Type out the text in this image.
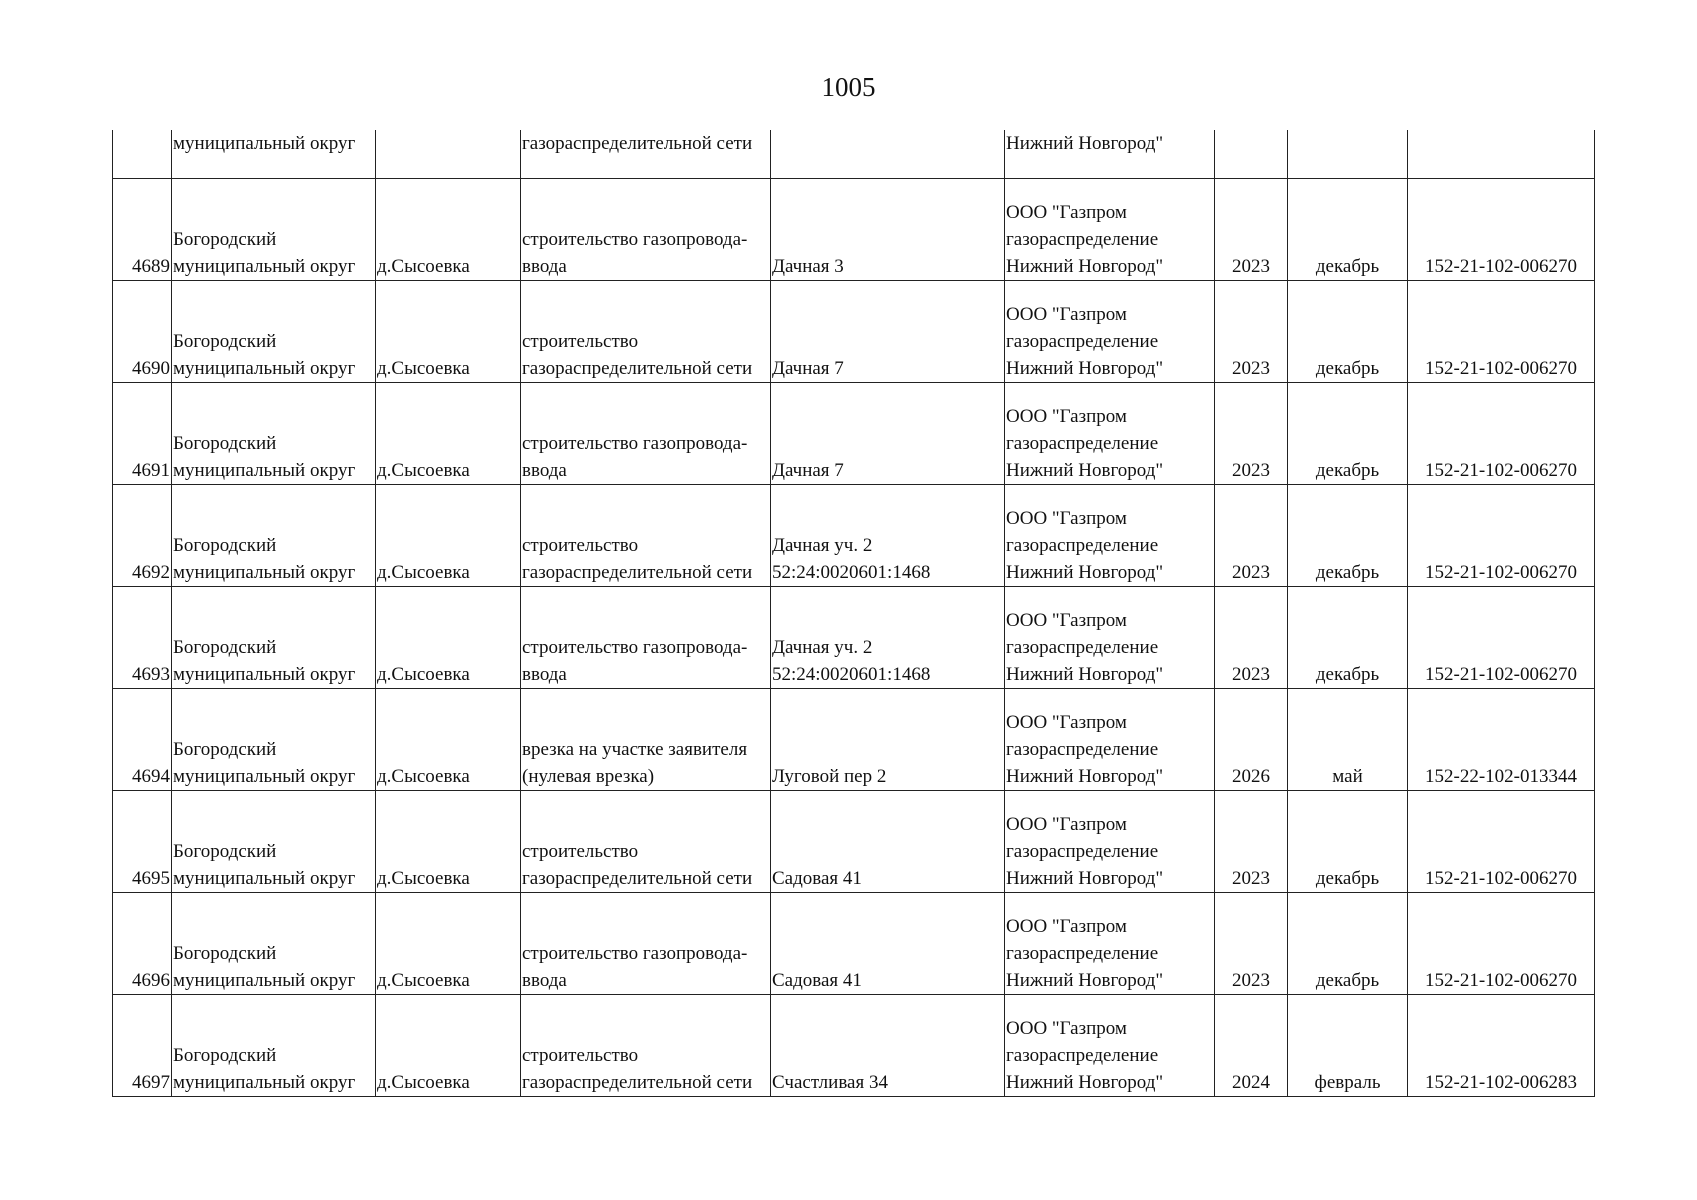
1005
	муниципальный округ		газораспределительной сети		Нижний Новгород"			
4689	Богородский
муниципальный округ	д.Сысоевка	строительство газопровода-
ввода	Дачная 3	ООО "Газпром
газораспределение
Нижний Новгород"	2023	декабрь	152-21-102-006270
4690	Богородский
муниципальный округ	д.Сысоевка	строительство
газораспределительной сети	Дачная 7	ООО "Газпром
газораспределение
Нижний Новгород"	2023	декабрь	152-21-102-006270
4691	Богородский
муниципальный округ	д.Сысоевка	строительство газопровода-
ввода	Дачная 7	ООО "Газпром
газораспределение
Нижний Новгород"	2023	декабрь	152-21-102-006270
4692	Богородский
муниципальный округ	д.Сысоевка	строительство
газораспределительной сети	Дачная уч. 2
52:24:0020601:1468	ООО "Газпром
газораспределение
Нижний Новгород"	2023	декабрь	152-21-102-006270
4693	Богородский
муниципальный округ	д.Сысоевка	строительство газопровода-
ввода	Дачная уч. 2
52:24:0020601:1468	ООО "Газпром
газораспределение
Нижний Новгород"	2023	декабрь	152-21-102-006270
4694	Богородский
муниципальный округ	д.Сысоевка	врезка на участке заявителя
(нулевая врезка)	Луговой пер 2	ООО "Газпром
газораспределение
Нижний Новгород"	2026	май	152-22-102-013344
4695	Богородский
муниципальный округ	д.Сысоевка	строительство
газораспределительной сети	Садовая 41	ООО "Газпром
газораспределение
Нижний Новгород"	2023	декабрь	152-21-102-006270
4696	Богородский
муниципальный округ	д.Сысоевка	строительство газопровода-
ввода	Садовая 41	ООО "Газпром
газораспределение
Нижний Новгород"	2023	декабрь	152-21-102-006270
4697	Богородский
муниципальный округ	д.Сысоевка	строительство
газораспределительной сети	Счастливая 34	ООО "Газпром
газораспределение
Нижний Новгород"	2024	февраль	152-21-102-006283
